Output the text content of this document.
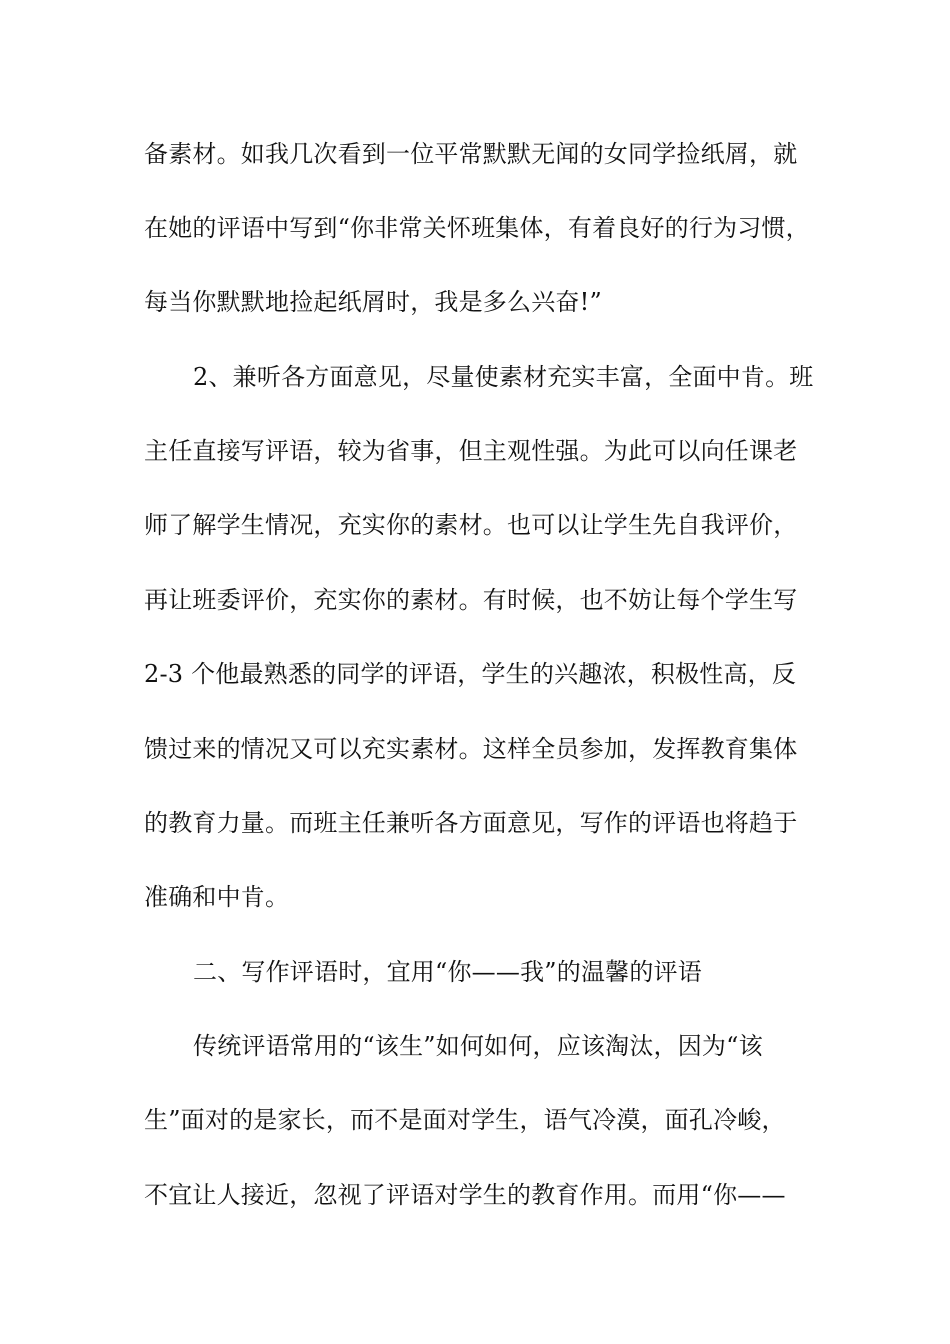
备素材。如我几次看到一位平常默默无闻的女同学捡纸屑，就
在她的评语中写到“你非常关怀班集体，有着良好的行为习惯，
每当你默默地捡起纸屑时，我是多么兴奋!”
2、兼听各方面意见，尽量使素材充实丰富，全面中肯。班
主任直接写评语，较为省事，但主观性强。为此可以向任课老
师了解学生情况，充实你的素材。也可以让学生先自我评价，
再让班委评价，充实你的素材。有时候，也不妨让每个学生写
2-3 个他最熟悉的同学的评语，学生的兴趣浓，积极性高，反
馈过来的情况又可以充实素材。这样全员参加，发挥教育集体
的教育力量。而班主任兼听各方面意见，写作的评语也将趋于
准确和中肯。
二、写作评语时，宜用“你——我”的温馨的评语
传统评语常用的“该生”如何如何，应该淘汰，因为“该
生”面对的是家长，而不是面对学生，语气冷漠，面孔冷峻，
不宜让人接近，忽视了评语对学生的教育作用。而用“你——
